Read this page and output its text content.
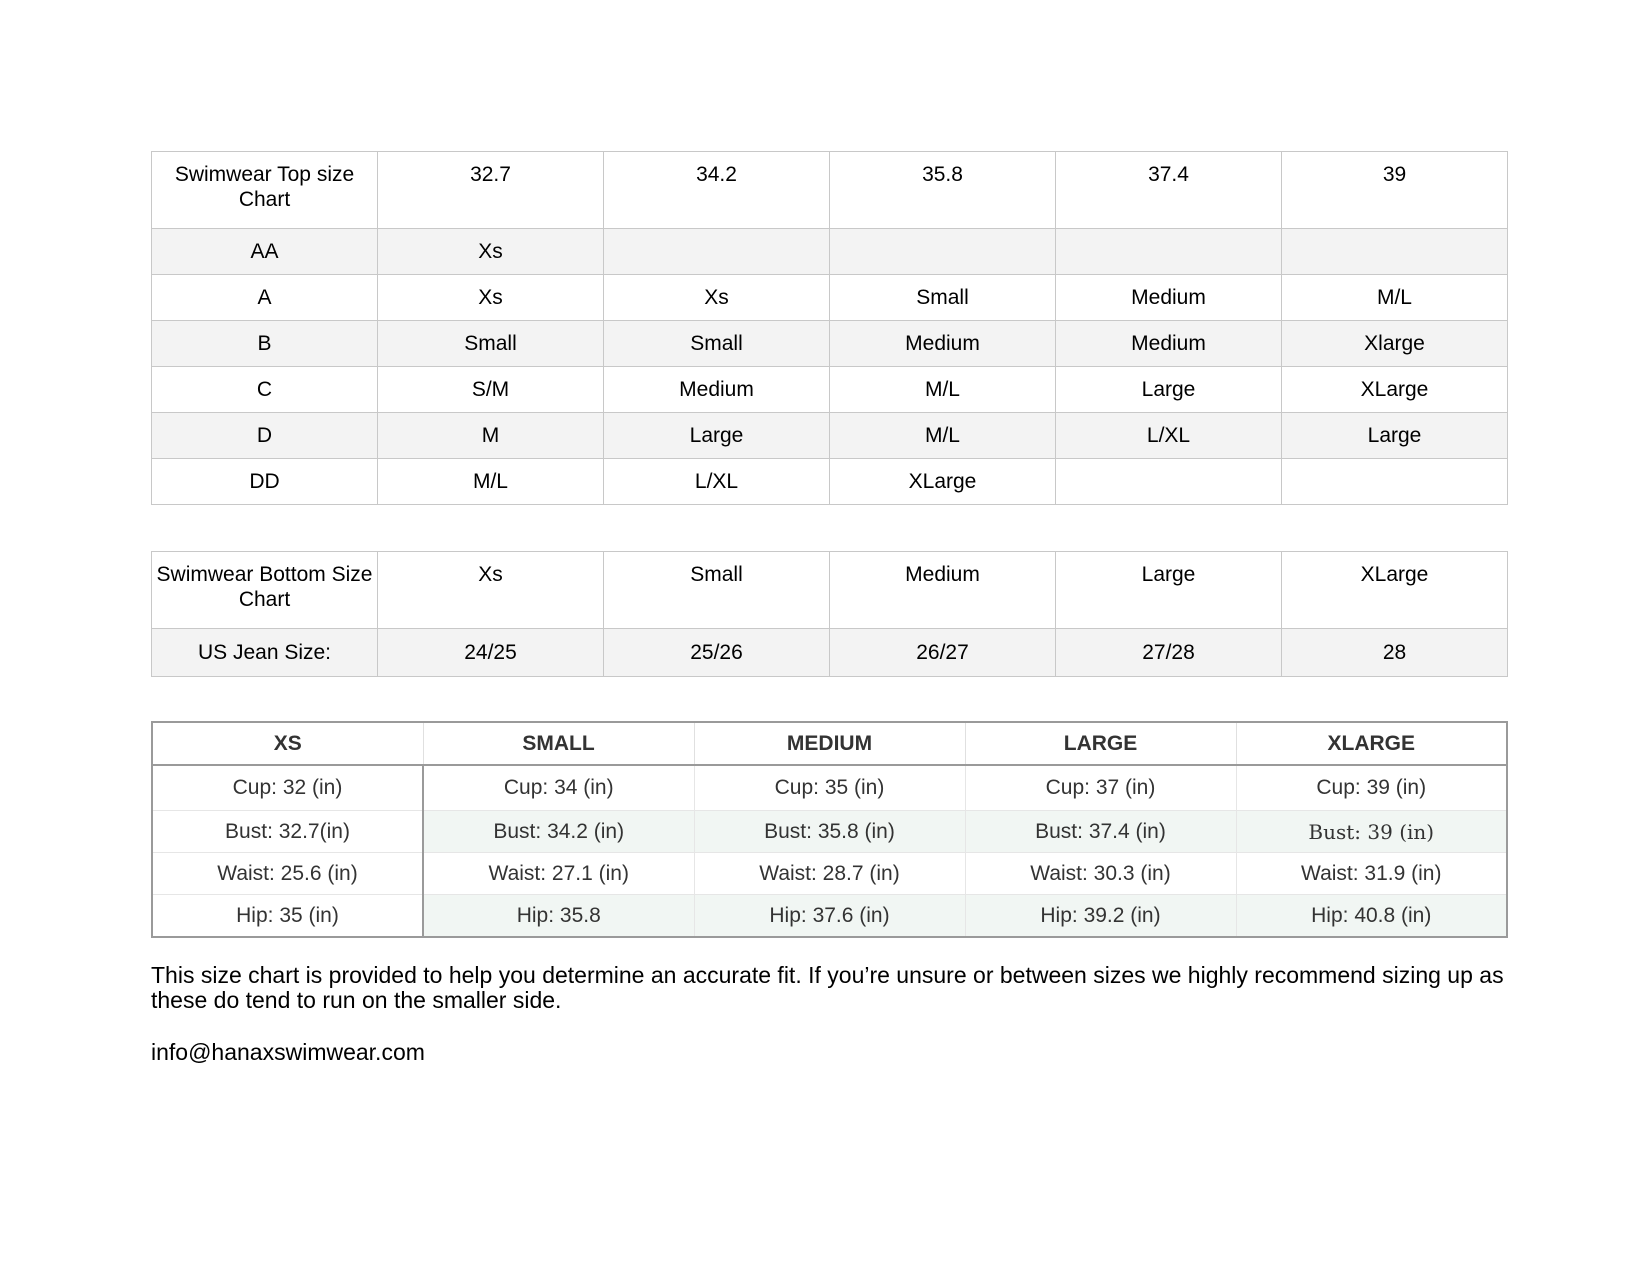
Swimwear Top size Chart	32.7	34.2	35.8	37.4	39
AA	Xs				
A	Xs	Xs	Small	Medium	M/L
B	Small	Small	Medium	Medium	Xlarge
C	S/M	Medium	M/L	Large	XLarge
D	M	Large	M/L	L/XL	Large
DD	M/L	L/XL	XLarge		
Swimwear Bottom Size Chart	Xs	Small	Medium	Large	XLarge
US Jean Size:	24/25	25/26	26/27	27/28	28
XS	SMALL	MEDIUM	LARGE	XLARGE
Cup: 32 (in)	Cup: 34 (in)	Cup: 35 (in)	Cup: 37 (in)	Cup: 39 (in)
Bust: 32.7(in)	Bust: 34.2 (in)	Bust: 35.8 (in)	Bust: 37.4 (in)	Bust: 39 (in)
Waist: 25.6 (in)	Waist: 27.1 (in)	Waist: 28.7 (in)	Waist: 30.3 (in)	Waist: 31.9 (in)
Hip: 35 (in)	Hip: 35.8	Hip: 37.6 (in)	Hip: 39.2 (in)	Hip: 40.8 (in)

This size chart is provided to help you determine an accurate fit. If you’re unsure or between sizes we highly recommend sizing up as these do tend to run on the smaller side.

info@hanaxswimwear.com
